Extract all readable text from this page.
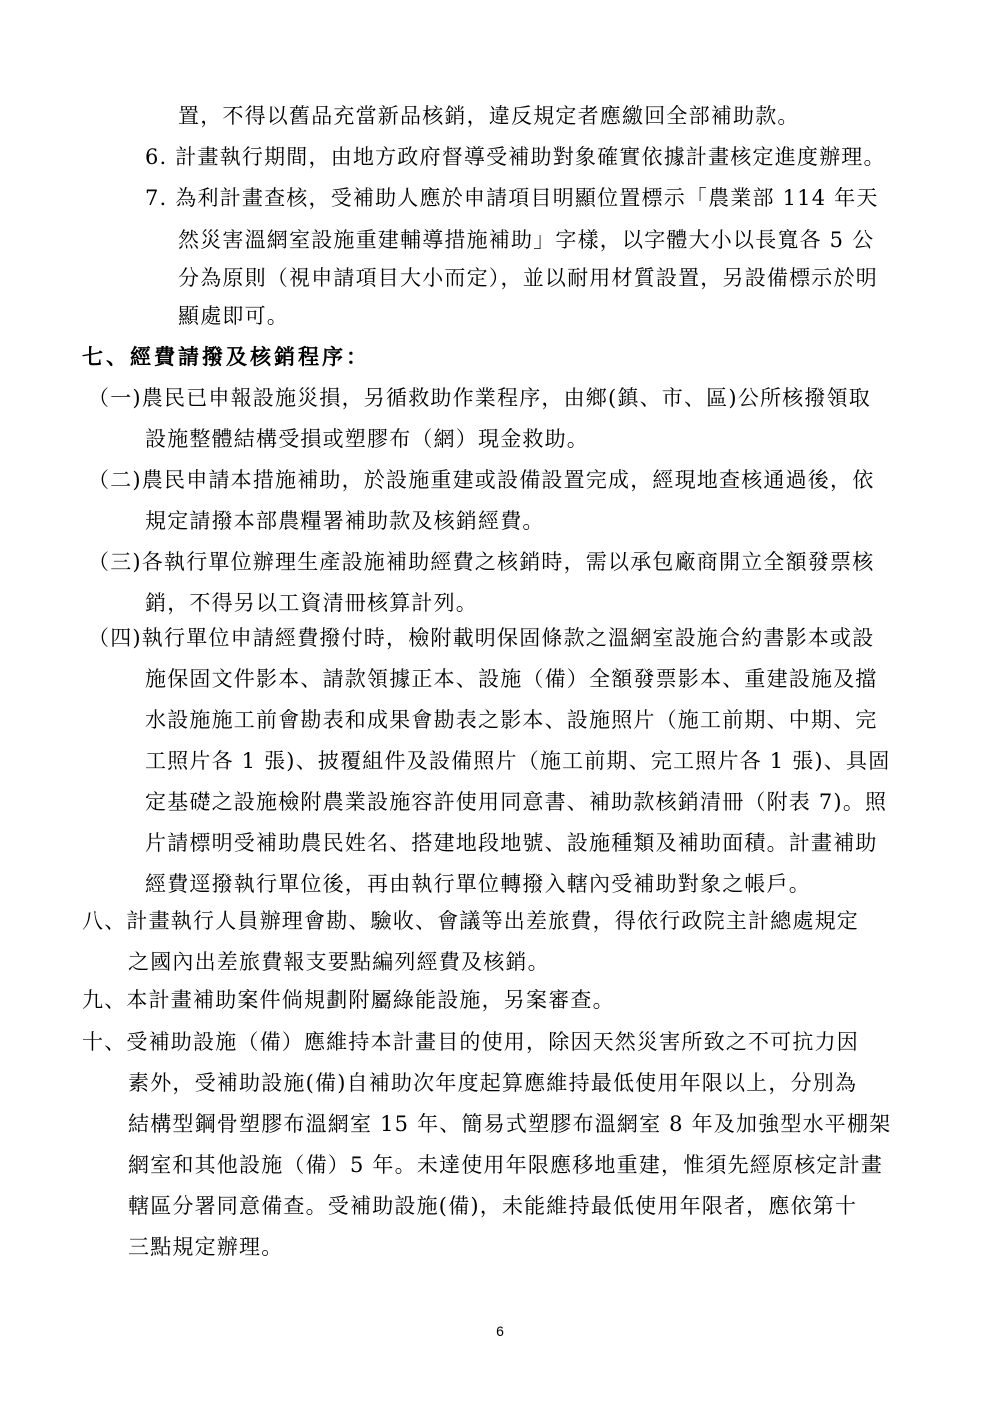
置，不得以舊品充當新品核銷，違反規定者應繳回全部補助款。
6. 計畫執行期間，由地方政府督導受補助對象確實依據計畫核定進度辦理。
7. 為利計畫查核，受補助人應於申請項目明顯位置標示「農業部 114 年天
然災害溫網室設施重建輔導措施補助」字樣，以字體大小以長寬各 5 公
分為原則（視申請項目大小而定），並以耐用材質設置，另設備標示於明
顯處即可。
七、經費請撥及核銷程序：
（一)農民已申報設施災損，另循救助作業程序，由鄉(鎮、市、區)公所核撥領取
設施整體結構受損或塑膠布（網）現金救助。
（二)農民申請本措施補助，於設施重建或設備設置完成，經現地查核通過後，依
規定請撥本部農糧署補助款及核銷經費。
（三)各執行單位辦理生產設施補助經費之核銷時，需以承包廠商開立全額發票核
銷，不得另以工資清冊核算計列。
（四)執行單位申請經費撥付時，檢附載明保固條款之溫網室設施合約書影本或設
施保固文件影本、請款領據正本、設施（備）全額發票影本、重建設施及擋
水設施施工前會勘表和成果會勘表之影本、設施照片（施工前期、中期、完
工照片各 1 張)、披覆組件及設備照片（施工前期、完工照片各 1 張)、具固
定基礎之設施檢附農業設施容許使用同意書、補助款核銷清冊（附表 7)。照
片請標明受補助農民姓名、搭建地段地號、設施種類及補助面積。計畫補助
經費逕撥執行單位後，再由執行單位轉撥入轄內受補助對象之帳戶。
八、計畫執行人員辦理會勘、驗收、會議等出差旅費，得依行政院主計總處規定
之國內出差旅費報支要點編列經費及核銷。
九、本計畫補助案件倘規劃附屬綠能設施，另案審查。
十、受補助設施（備）應維持本計畫目的使用，除因天然災害所致之不可抗力因
素外，受補助設施(備)自補助次年度起算應維持最低使用年限以上，分別為
結構型鋼骨塑膠布溫網室 15 年、簡易式塑膠布溫網室 8 年及加強型水平棚架
網室和其他設施（備）5 年。未達使用年限應移地重建，惟須先經原核定計畫
轄區分署同意備查。受補助設施(備)，未能維持最低使用年限者，應依第十
三點規定辦理。
6
